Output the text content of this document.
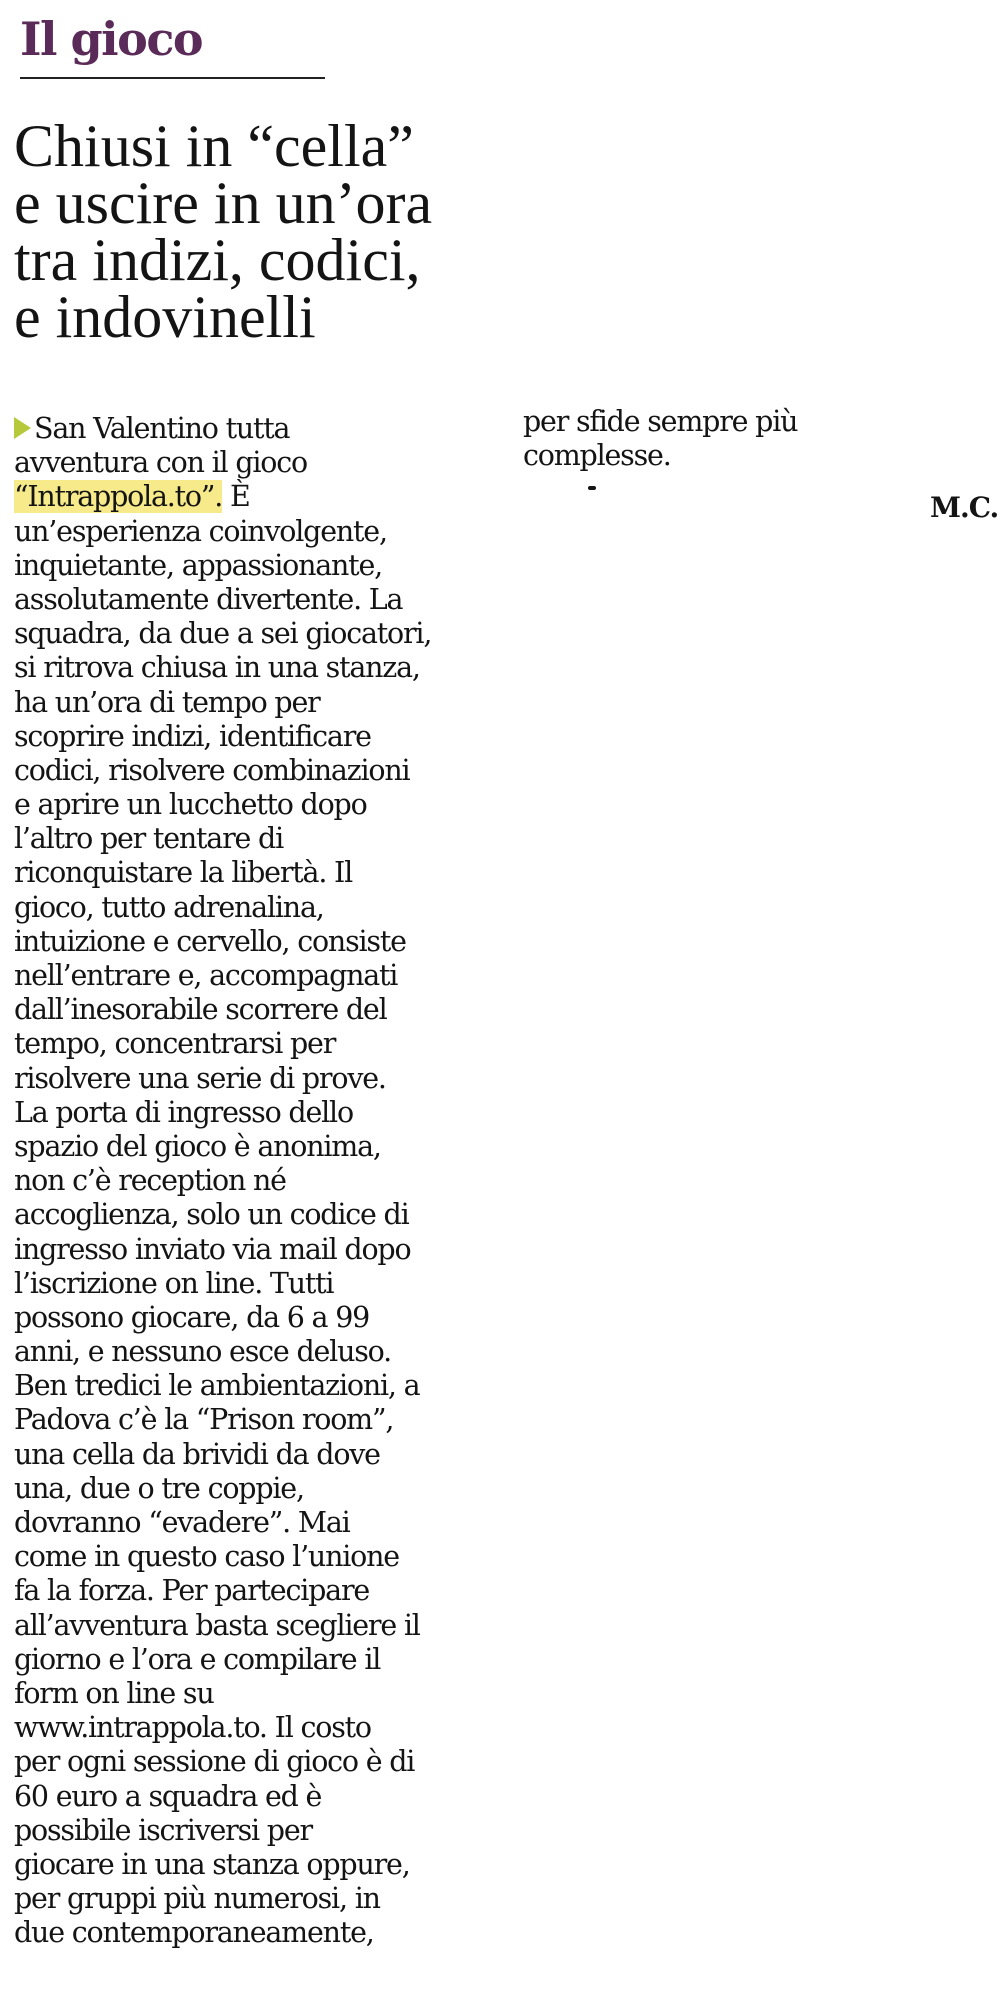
Il gioco
Chiusi in “cella”
e uscire in un’ora
tra indizi, codici,
e indovinelli
San Valentino tutta
avventura con il gioco
“Intrappola.to”. È
un’esperienza coinvolgente,
inquietante, appassionante,
assolutamente divertente. La
squadra, da due a sei giocatori,
si ritrova chiusa in una stanza,
ha un’ora di tempo per
scoprire indizi, identificare
codici, risolvere combinazioni
e aprire un lucchetto dopo
l’altro per tentare di
riconquistare la libertà. Il
gioco, tutto adrenalina,
intuizione e cervello, consiste
nell’entrare e, accompagnati
dall’inesorabile scorrere del
tempo, concentrarsi per
risolvere una serie di prove.
La porta di ingresso dello
spazio del gioco è anonima,
non c’è reception né
accoglienza, solo un codice di
ingresso inviato via mail dopo
l’iscrizione on line. Tutti
possono giocare, da 6 a 99
anni, e nessuno esce deluso.
Ben tredici le ambientazioni, a
Padova c’è la “Prison room”,
una cella da brividi da dove
una, due o tre coppie,
dovranno “evadere”. Mai
come in questo caso l’unione
fa la forza. Per partecipare
all’avventura basta scegliere il
giorno e l’ora e compilare il
form on line su
www.intrappola.to. Il costo
per ogni sessione di gioco è di
60 euro a squadra ed è
possibile iscriversi per
giocare in una stanza oppure,
per gruppi più numerosi, in
due contemporaneamente,
per sfide sempre più
complesse.
M.C.
